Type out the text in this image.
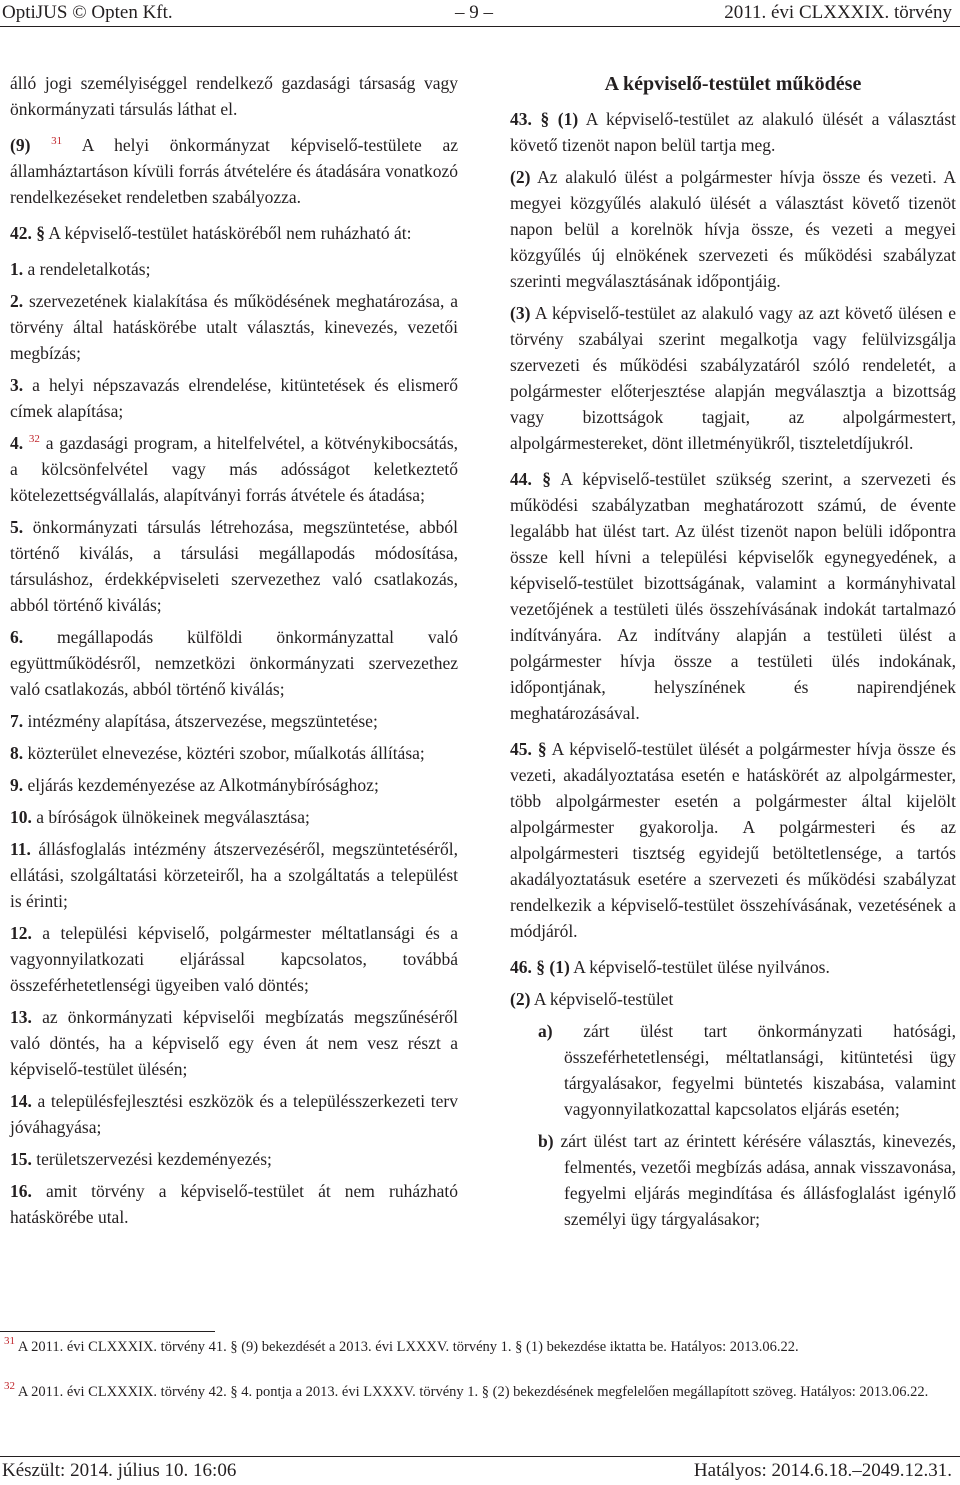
OptiJUS © Opten Kft.	– 9 –	2011. évi CLXXXIX. törvény

álló jogi személyiséggel rendelkező gazdasági társaság vagy önkormányzati társulás láthat el.

(9) $^{31}$ A helyi önkormányzat képviselő-testülete az államháztartáson kívüli forrás átvételére és átadására vonatkozó rendelkezéseket rendeletben szabályozza.

42. § A képviselő-testület hatásköréből nem ruházható át:

1. a rendeletalkotás;

2. szervezetének kialakítása és működésének meghatározása, a törvény által hatáskörébe utalt választás, kinevezés, vezetői megbízás;

3. a helyi népszavazás elrendelése, kitüntetések és elismerő címek alapítása;

4. $^{32}$ a gazdasági program, a hitelfelvétel, a kötvénykibocsátás, a kölcsönfelvétel vagy más adósságot keletkeztető kötelezettségvállalás, alapítványi forrás átvétele és átadása;

5. önkormányzati társulás létrehozása, megszüntetése, abból történő kiválás, a társulási megállapodás módosítása, társuláshoz, érdekképviseleti szervezethez való csatlakozás, abból történő kiválás;

6. megállapodás külföldi önkormányzattal való együttműködésről, nemzetközi önkormányzati szervezethez való csatlakozás, abból történő kiválás;

7. intézmény alapítása, átszervezése, megszüntetése;

8. közterület elnevezése, köztéri szobor, műalkotás állítása;

9. eljárás kezdeményezése az Alkotmánybírósághoz;

10. a bíróságok ülnökeinek megválasztása;

11. állásfoglalás intézmény átszervezéséről, megszüntetéséről, ellátási, szolgáltatási körzeteiről, ha a szolgáltatás a települést is érinti;

12. a települési képviselő, polgármester méltatlansági és a vagyonnyilatkozati eljárással kapcsolatos, továbbá összeférhetetlenségi ügyeiben való döntés;

13. az önkormányzati képviselői megbízatás megszűnéséről való döntés, ha a képviselő egy éven át nem vesz részt a képviselő-testület ülésén;

14. a településfejlesztési eszközök és a településszerkezeti terv jóváhagyása;

15. területszervezési kezdeményezés;

16. amit törvény a képviselő-testület át nem ruházható hatáskörébe utal.

A képviselő-testület működése

43. § (1) A képviselő-testület az alakuló ülését a választást követő tizenöt napon belül tartja meg.

(2) Az alakuló ülést a polgármester hívja össze és vezeti. A megyei közgyűlés alakuló ülését a választást követő tizenöt napon belül a korelnök hívja össze, és vezeti a megyei közgyűlés új elnökének szervezeti és működési szabályzat szerinti megválasztásának időpontjáig.

(3) A képviselő-testület az alakuló vagy az azt követő ülésen e törvény szabályai szerint megalkotja vagy felülvizsgálja szervezeti és működési szabályzatáról szóló rendeletét, a polgármester előterjesztése alapján megválasztja a bizottság vagy bizottságok tagjait, az alpolgármestert, alpolgármestereket, dönt illetményükről, tiszteletdíjukról.

44. § A képviselő-testület szükség szerint, a szervezeti és működési szabályzatban meghatározott számú, de évente legalább hat ülést tart. Az ülést tizenöt napon belüli időpontra össze kell hívni a települési képviselők egynegyedének, a képviselő-testület bizottságának, valamint a kormányhivatal vezetőjének a testületi ülés összehívásának indokát tartalmazó indítványára. Az indítvány alapján a testületi ülést a polgármester hívja össze a testületi ülés indokának, időpontjának, helyszínének és napirendjének meghatározásával.

45. § A képviselő-testület ülését a polgármester hívja össze és vezeti, akadályoztatása esetén e hatáskörét az alpolgármester, több alpolgármester esetén a polgármester által kijelölt alpolgármester gyakorolja. A polgármesteri és az alpolgármesteri tisztség egyidejű betöltetlensége, a tartós akadályoztatásuk esetére a szervezeti és működési szabályzat rendelkezik a képviselő-testület összehívásának, vezetésének a módjáról.

46. § (1) A képviselő-testület ülése nyilvános.

(2) A képviselő-testület

a) zárt ülést tart önkormányzati hatósági, összeférhetetlenségi, méltatlansági, kitüntetési ügy tárgyalásakor, fegyelmi büntetés kiszabása, valamint vagyonnyilatkozattal kapcsolatos eljárás esetén;

b) zárt ülést tart az érintett kérésére választás, kinevezés, felmentés, vezetői megbízás adása, annak visszavonása, fegyelmi eljárás megindítása és állásfoglalást igénylő személyi ügy tárgyalásakor;

$^{31}$ A 2011. évi CLXXXIX. törvény 41. § (9) bekezdését a 2013. évi LXXXV. törvény 1. § (1) bekezdése iktatta be. Hatályos: 2013.06.22.
$^{32}$ A 2011. évi CLXXXIX. törvény 42. § 4. pontja a 2013. évi LXXXV. törvény 1. § (2) bekezdésének megfelelően megállapított szöveg. Hatályos: 2013.06.22.
Készült: 2014. július 10. 16:06	Hatályos: 2014.6.18.–2049.12.31.
